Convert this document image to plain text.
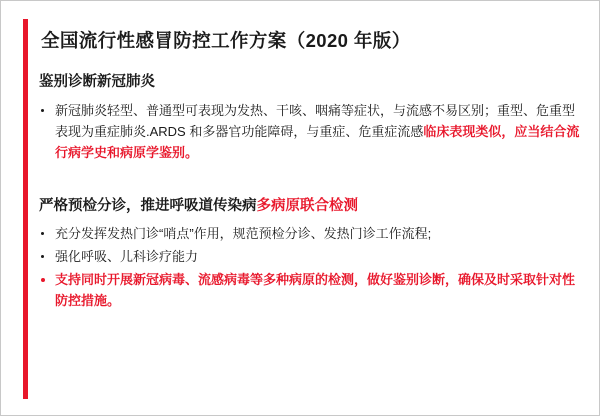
全国流行性感冒防控工作方案（2020 年版）
鉴别诊断新冠肺炎
新冠肺炎轻型、普通型可表现为发热、干咳、咽痛等症状，与流感不易区别；重型、危重型表现为重症肺炎.ARDS 和多器官功能障碍，与重症、危重症流感临床表现类似，应当结合流行病学史和病原学鉴别。
严格预检分诊，推进呼吸道传染病多病原联合检测
充分发挥发热门诊“哨点”作用，规范预检分诊、发热门诊工作流程;
强化呼吸、儿科诊疗能力
支持同时开展新冠病毒、流感病毒等多种病原的检测，做好鉴别诊断，确保及时采取针对性防控措施。
